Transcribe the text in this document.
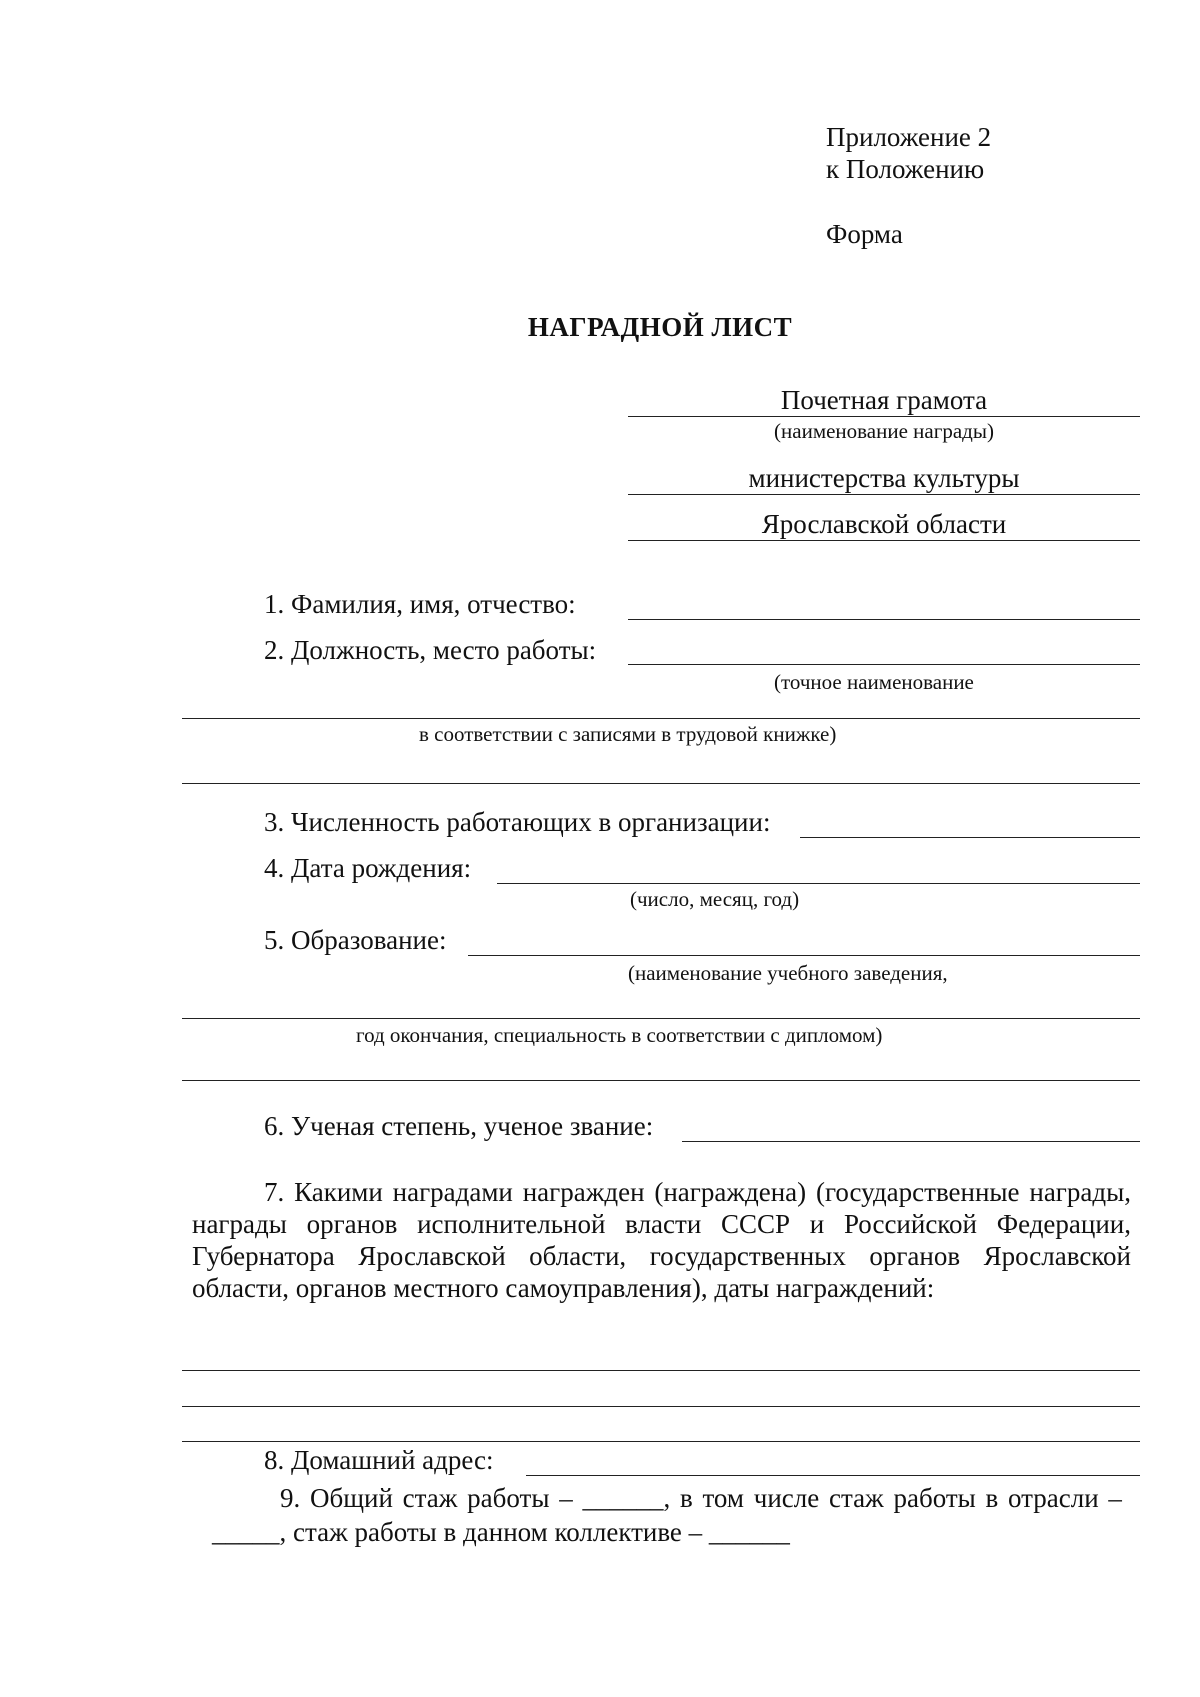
Приложение 2
к Положению
Форма
НАГРАДНОЙ ЛИСТ
Почетная грамота
(наименование награды)
министерства культуры
Ярославской области
1. Фамилия, имя, отчество:
2. Должность, место работы:
(точное наименование
в соответствии с записями в трудовой книжке)
3. Численность работающих в организации:
4. Дата рождения:
(число, месяц, год)
5. Образование:
(наименование учебного заведения,
год окончания, специальность в соответствии с дипломом)
6. Ученая степень, ученое звание:
7. Какими наградами награжден (награждена) (государственные награды, награды органов исполнительной власти СССР и Российской Федерации, Губернатора Ярославской области, государственных органов Ярославской области, органов местного самоуправления), даты награждений:
8. Домашний адрес:
9. Общий стаж работы – ______, в том числе стаж работы в отрасли –
_____, стаж работы в данном коллективе – ______
